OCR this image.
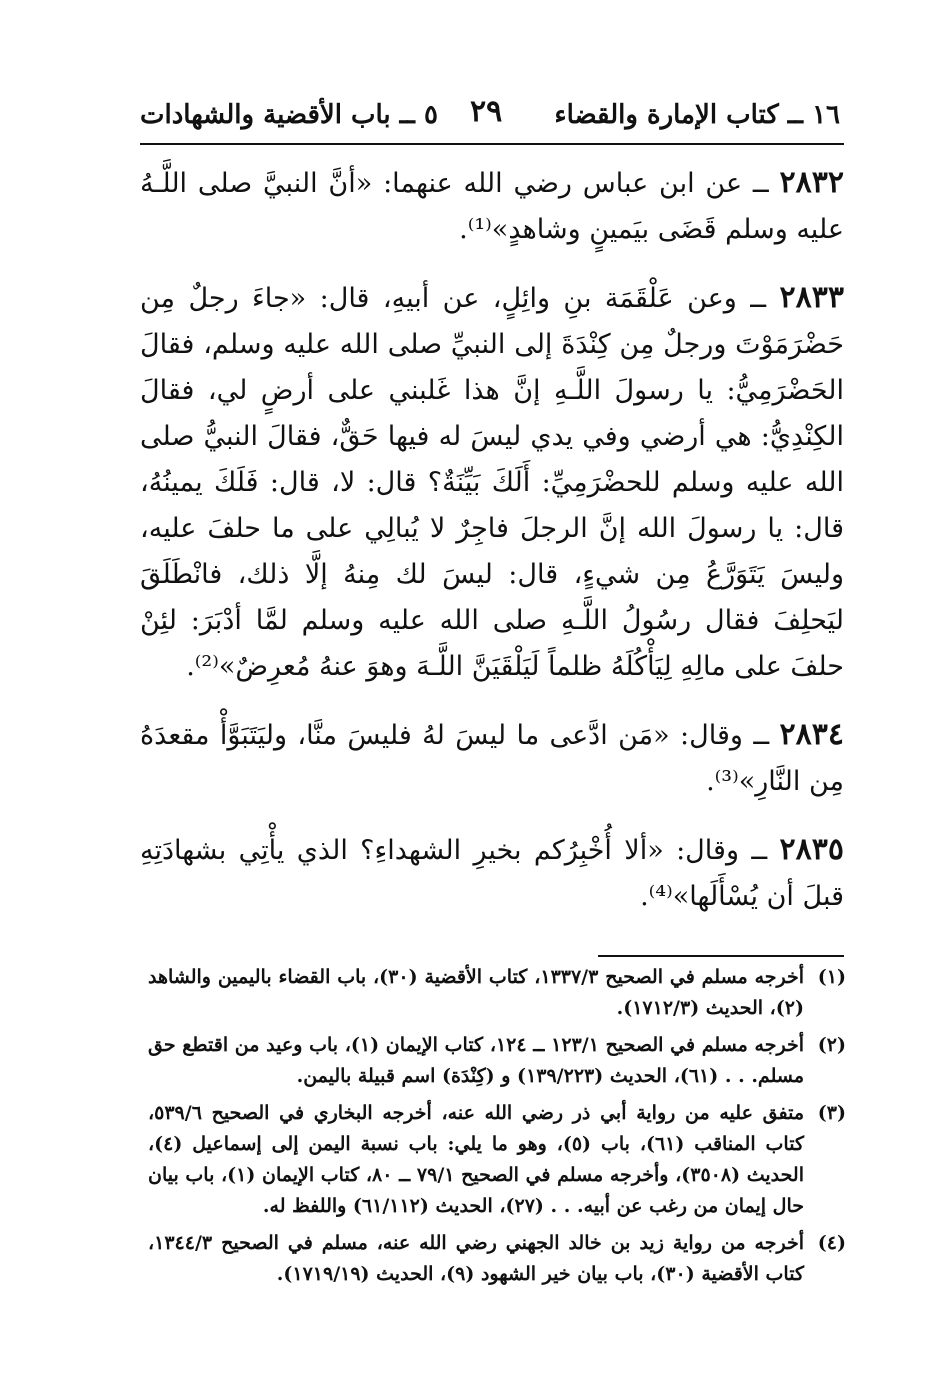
١٦ ــ كتاب الإمارة والقضاء
٢٩
٥ ــ باب الأقضية والشهادات

٢٨٣٢ ــ عن ابن عباس رضي الله عنهما: «أنَّ النبيَّ صلى اللَّـهُ عليه وسلم قَضَى بيَمينٍ وشاهدٍ»⁽¹⁾.

٢٨٣٣ ــ وعن عَلْقَمَة بنِ وائِلٍ، عن أبيهِ، قال: «جاءَ رجلٌ مِن حَضْرَمَوْتَ ورجلٌ مِن كِنْدَةَ إلى النبيِّ صلى الله عليه وسلم، فقالَ الحَضْرَمِيُّ: يا رسولَ اللَّـهِ إنَّ هذا غَلبني على أرضٍ لي، فقالَ الكِنْدِيُّ: هي أرضي وفي يدي ليسَ له فيها حَقٌّ، فقالَ النبيُّ صلى الله عليه وسلم للحضْرَمِيِّ: أَلَكَ بَيِّنَةٌ؟ قال: لا، قال: فَلَكَ يمينُهُ، قال: يا رسولَ الله إنَّ الرجلَ فاجِرٌ لا يُبالِي على ما حلفَ عليه، وليسَ يَتَوَرَّعُ مِن شيءٍ، قال: ليسَ لك مِنهُ إلَّا ذلك، فانْطَلَقَ ليَحلِفَ فقال رسُولُ اللَّـهِ صلى الله عليه وسلم لمَّا أدْبَرَ: لئِنْ حلفَ على مالِهِ لِيَأْكُلَهُ ظلماً لَيَلْقَيَنَّ اللَّـهَ وهوَ عنهُ مُعرِضٌ»⁽²⁾.

٢٨٣٤ ــ وقال: «مَن ادَّعى ما ليسَ لهُ فليسَ منَّا، وليَتَبَوَّأْ مقعدَهُ مِن النَّارِ»⁽³⁾.

٢٨٣٥ ــ وقال: «ألا أُخْبِرُكم بخيرِ الشهداءِ؟ الذي يأْتِي بشهادَتِهِ قبلَ أن يُسْأَلَها»⁽⁴⁾.

(١)
أخرجه مسلم في الصحيح ١٣٣٧/٣، كتاب الأقضية (٣٠)، باب القضاء باليمين والشاهد (٢)، الحديث (١٧١٢/٣).
(٢)
أخرجه مسلم في الصحيح ١٢٣/١ ــ ١٢٤، كتاب الإيمان (١)، باب وعيد من اقتطع حق مسلم. . . (٦١)، الحديث (١٣٩/٢٢٣) و (كِنْدَة) اسم قبيلة باليمن.
(٣)
متفق عليه من رواية أبي ذر رضي الله عنه، أخرجه البخاري في الصحيح ٥٣٩/٦، كتاب المناقب (٦١)، باب (٥)، وهو ما يلي: باب نسبة اليمن إلى إسماعيل (٤)، الحديث (٣٥٠٨)، وأخرجه مسلم في الصحيح ٧٩/١ ــ ٨٠، كتاب الإيمان (١)، باب بيان حال إيمان من رغب عن أبيه. . . (٢٧)، الحديث (٦١/١١٢) واللفظ له.
(٤)
أخرجه من رواية زيد بن خالد الجهني رضي الله عنه، مسلم في الصحيح ١٣٤٤/٣، كتاب الأقضية (٣٠)، باب بيان خير الشهود (٩)، الحديث (١٧١٩/١٩).
